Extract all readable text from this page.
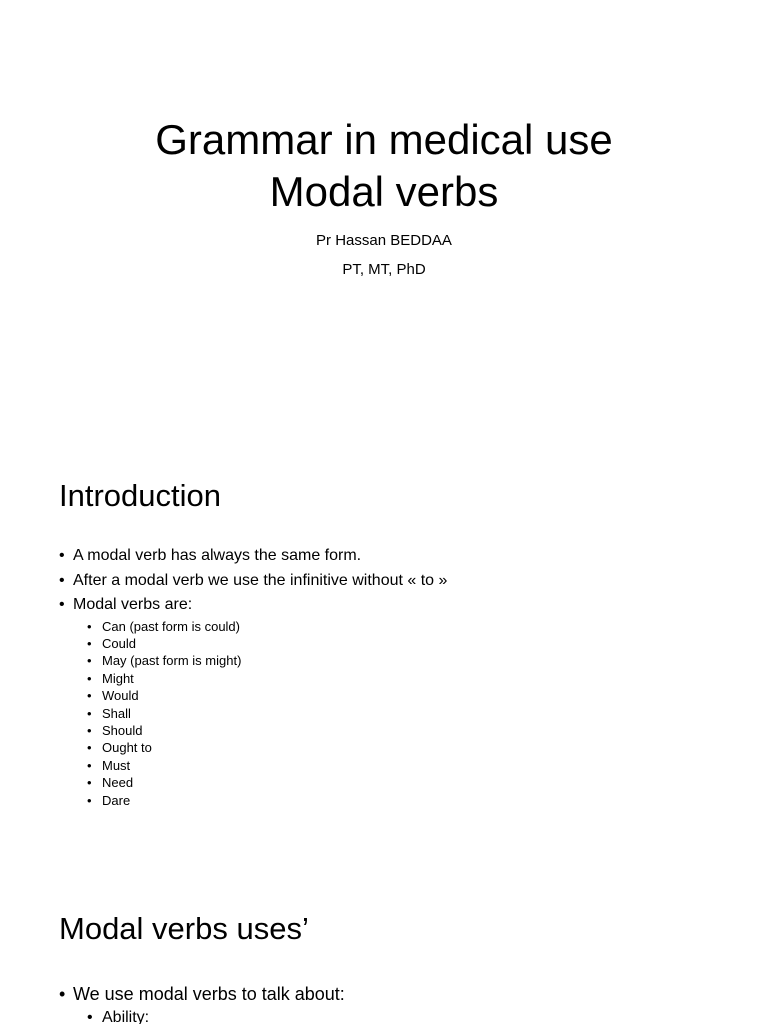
Grammar in medical use
Modal verbs
Pr Hassan BEDDAA
PT, MT, PhD
Introduction
• A modal verb has always the same form.
• After a modal verb we use the infinitive without « to »
• Modal verbs are:
• Can (past form is could)
• Could
• May (past form is might)
• Might
• Would
• Shall
• Should
• Ought to
• Must
• Need
• Dare
Modal verbs uses’
• We use modal verbs to talk about:
• Ability:
